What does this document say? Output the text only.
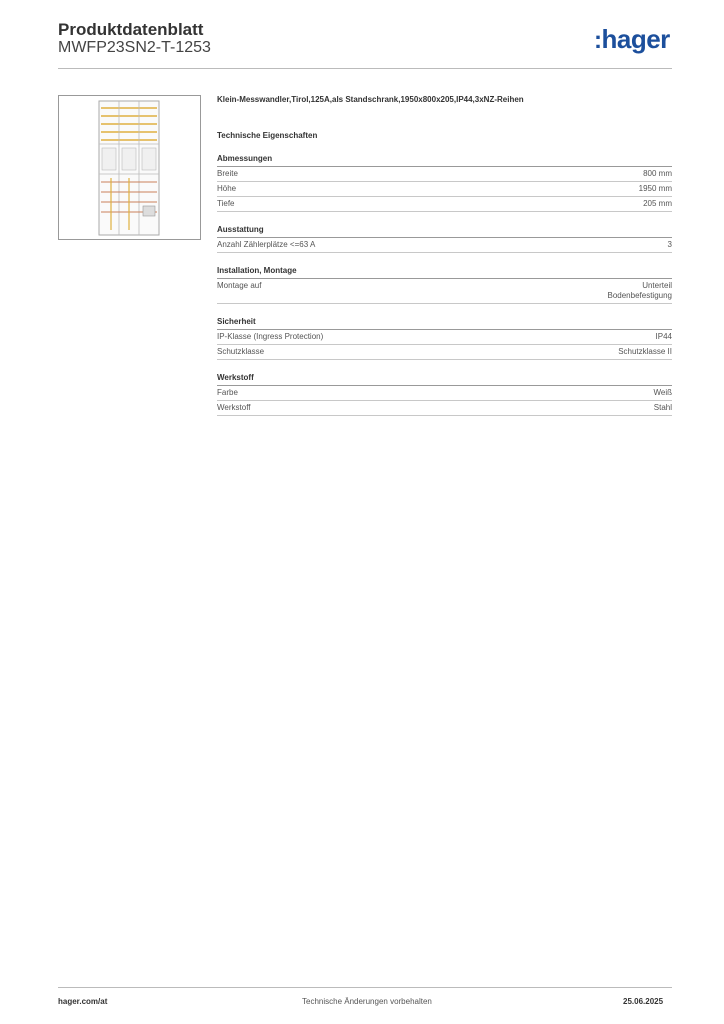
Produktdatenblatt
MWFP23SN2-T-1253	:hager
Klein-Messwandler,Tirol,125A,als Standschrank,1950x800x205,IP44,3xNZ-Reihen
Technische Eigenschaften
Abmessungen
Breite	800 mm
Höhe	1950 mm
Tiefe	205 mm
Ausstattung
Anzahl Zählerplätze <=63 A	3
Installation, Montage
Montage auf	Unterteil
Bodenbefestigung
Sicherheit
IP-Klasse (Ingress Protection)	IP44
Schutzklasse	Schutzklasse II
Werkstoff
Farbe	Weiß
Werkstoff	Stahl
hager.com/at	Technische Änderungen vorbehalten	25.06.2025
